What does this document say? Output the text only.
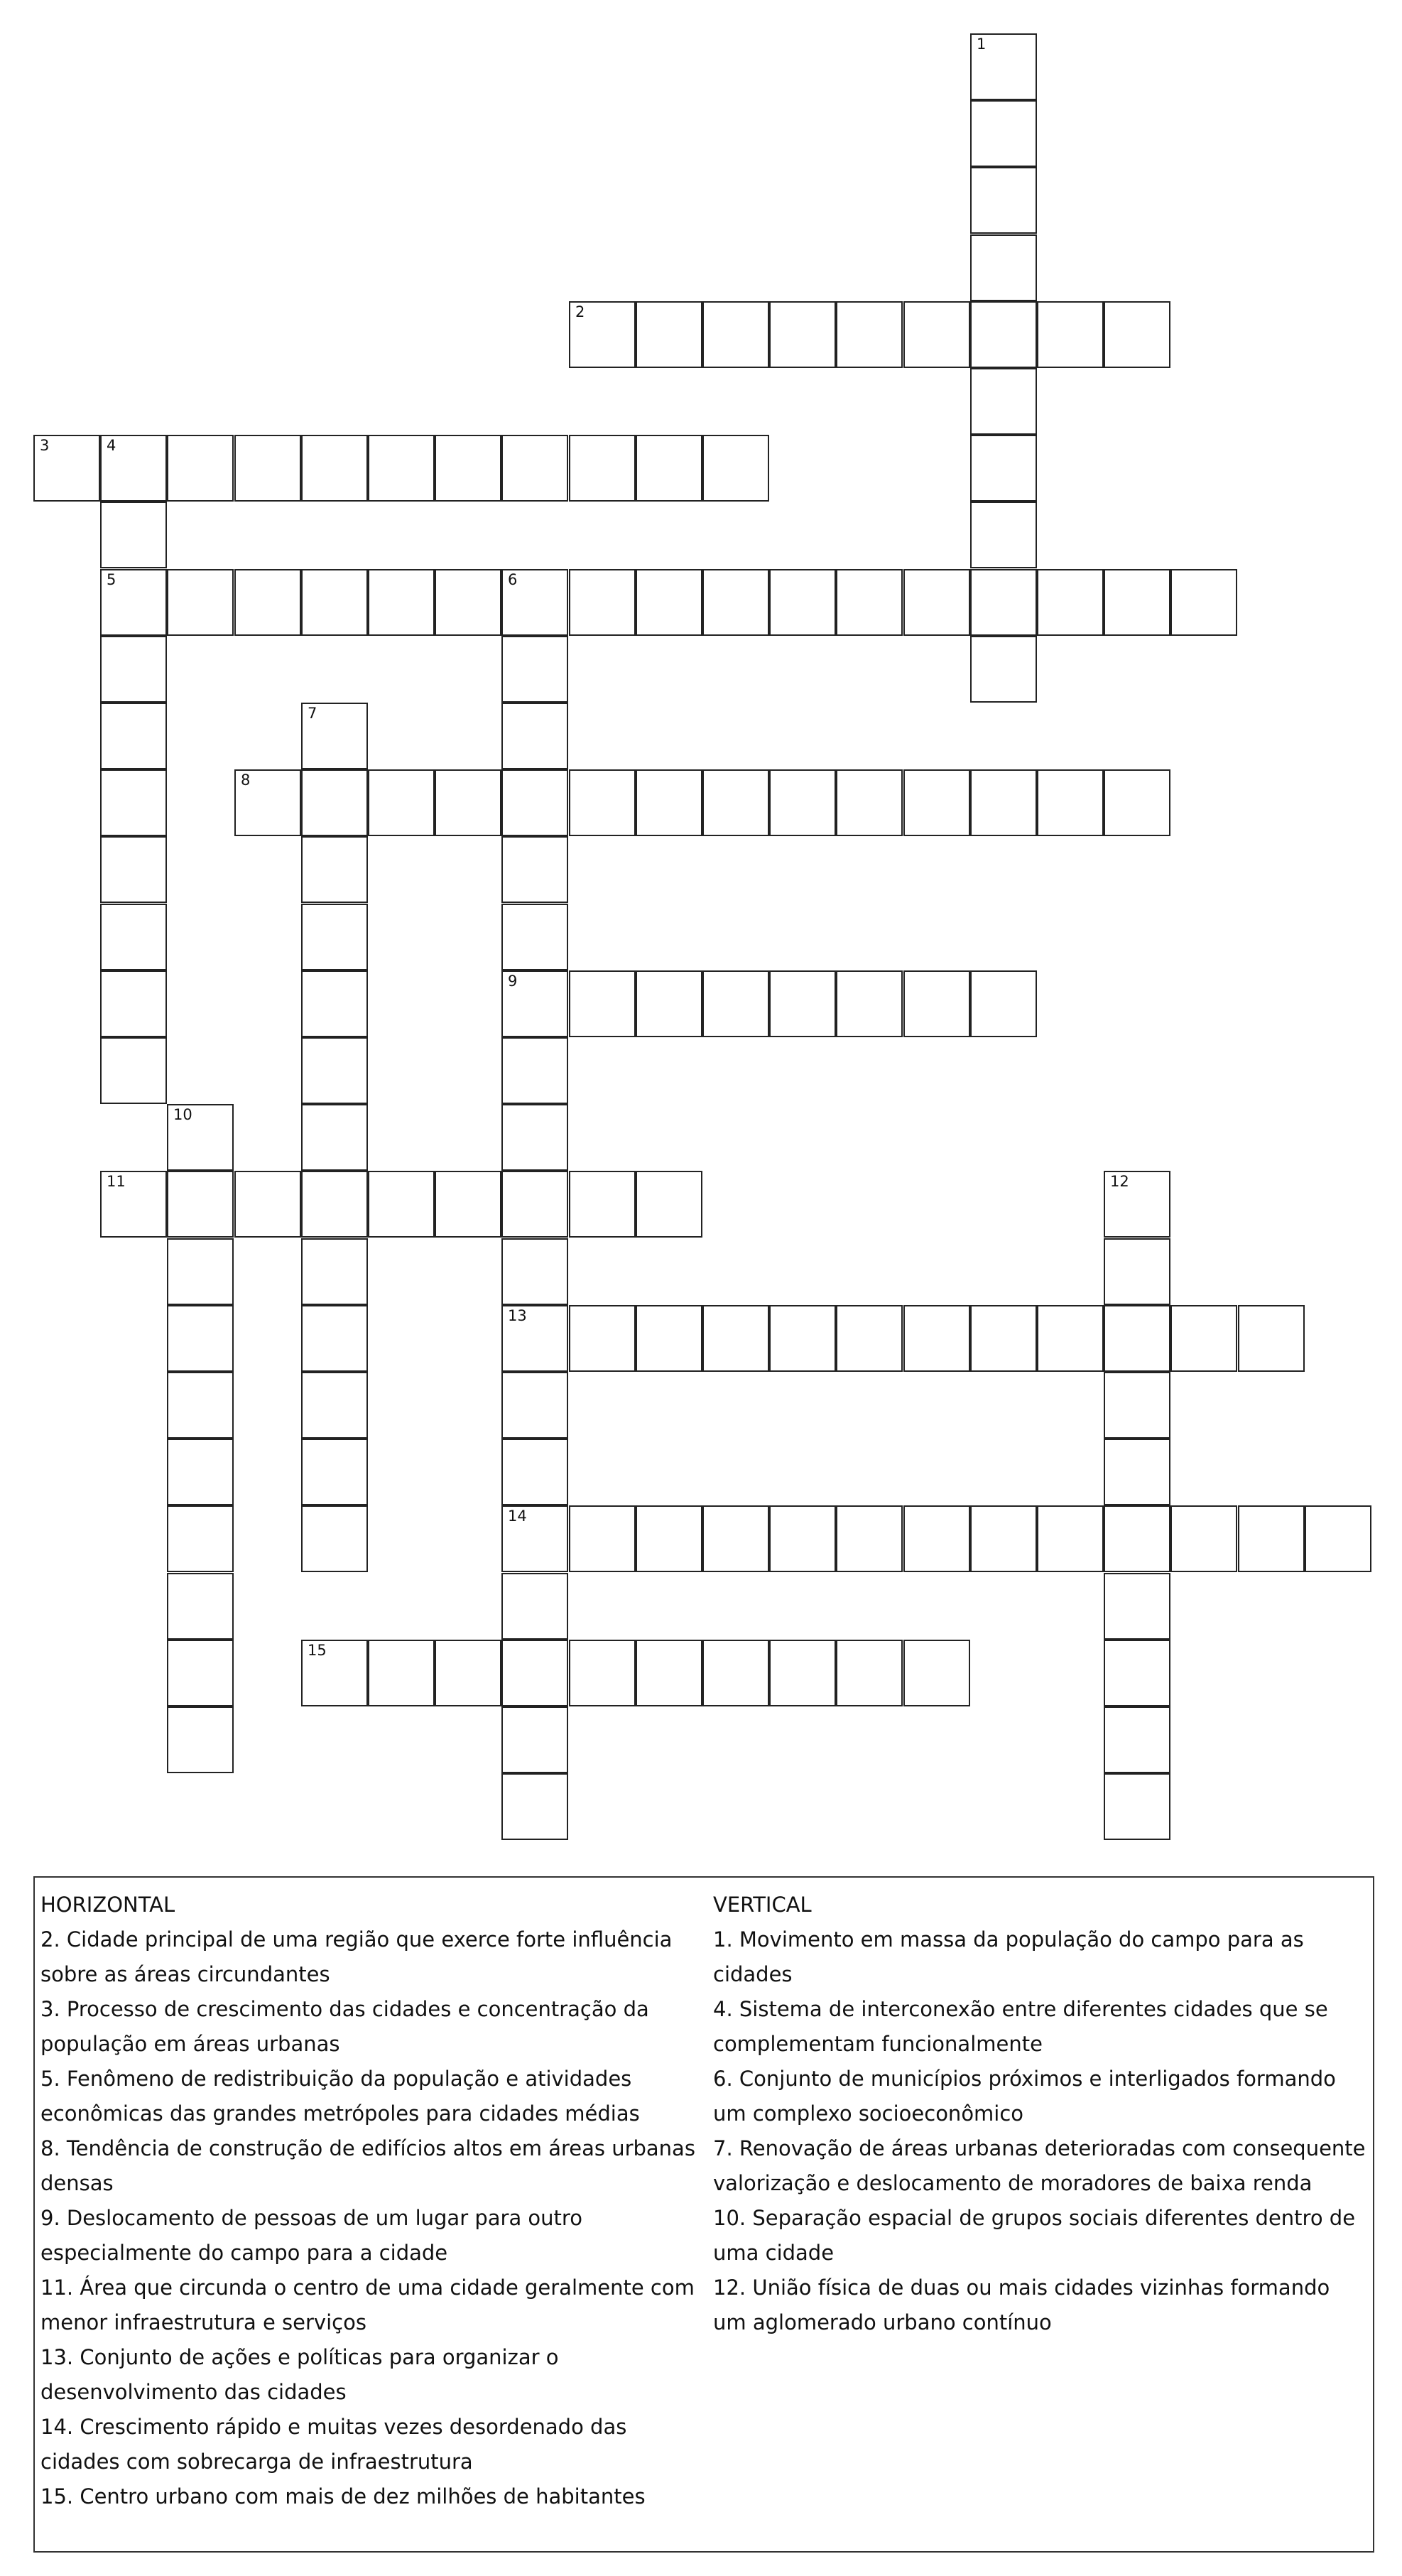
1
2
3	4
5	6
9
13
14
7
8
10
11	12
15
HORIZONTAL
2. Cidade principal de uma região que exerce forte influência sobre as áreas circundantes
3. Processo de crescimento das cidades e concentração da população em áreas urbanas
5. Fenômeno de redistribuição da população e atividades econômicas das grandes metrópoles para cidades médias
8. Tendência de construção de edifícios altos em áreas urbanas densas
9. Deslocamento de pessoas de um lugar para outro especialmente do campo para a cidade
11. Área que circunda o centro de uma cidade geralmente com menor infraestrutura e serviços
13. Conjunto de ações e políticas para organizar o desenvolvimento das cidades
14. Crescimento rápido e muitas vezes desordenado das cidades com sobrecarga de infraestrutura
15. Centro urbano com mais de dez milhões de habitantes
VERTICAL
1. Movimento em massa da população do campo para as cidades
4. Sistema de interconexão entre diferentes cidades que se complementam funcionalmente
6. Conjunto de municípios próximos e interligados formando um complexo socioeconômico
7. Renovação de áreas urbanas deterioradas com consequente valorização e deslocamento de moradores de baixa renda
10. Separação espacial de grupos sociais diferentes dentro de uma cidade
12. União física de duas ou mais cidades vizinhas formando um aglomerado urbano contínuo
